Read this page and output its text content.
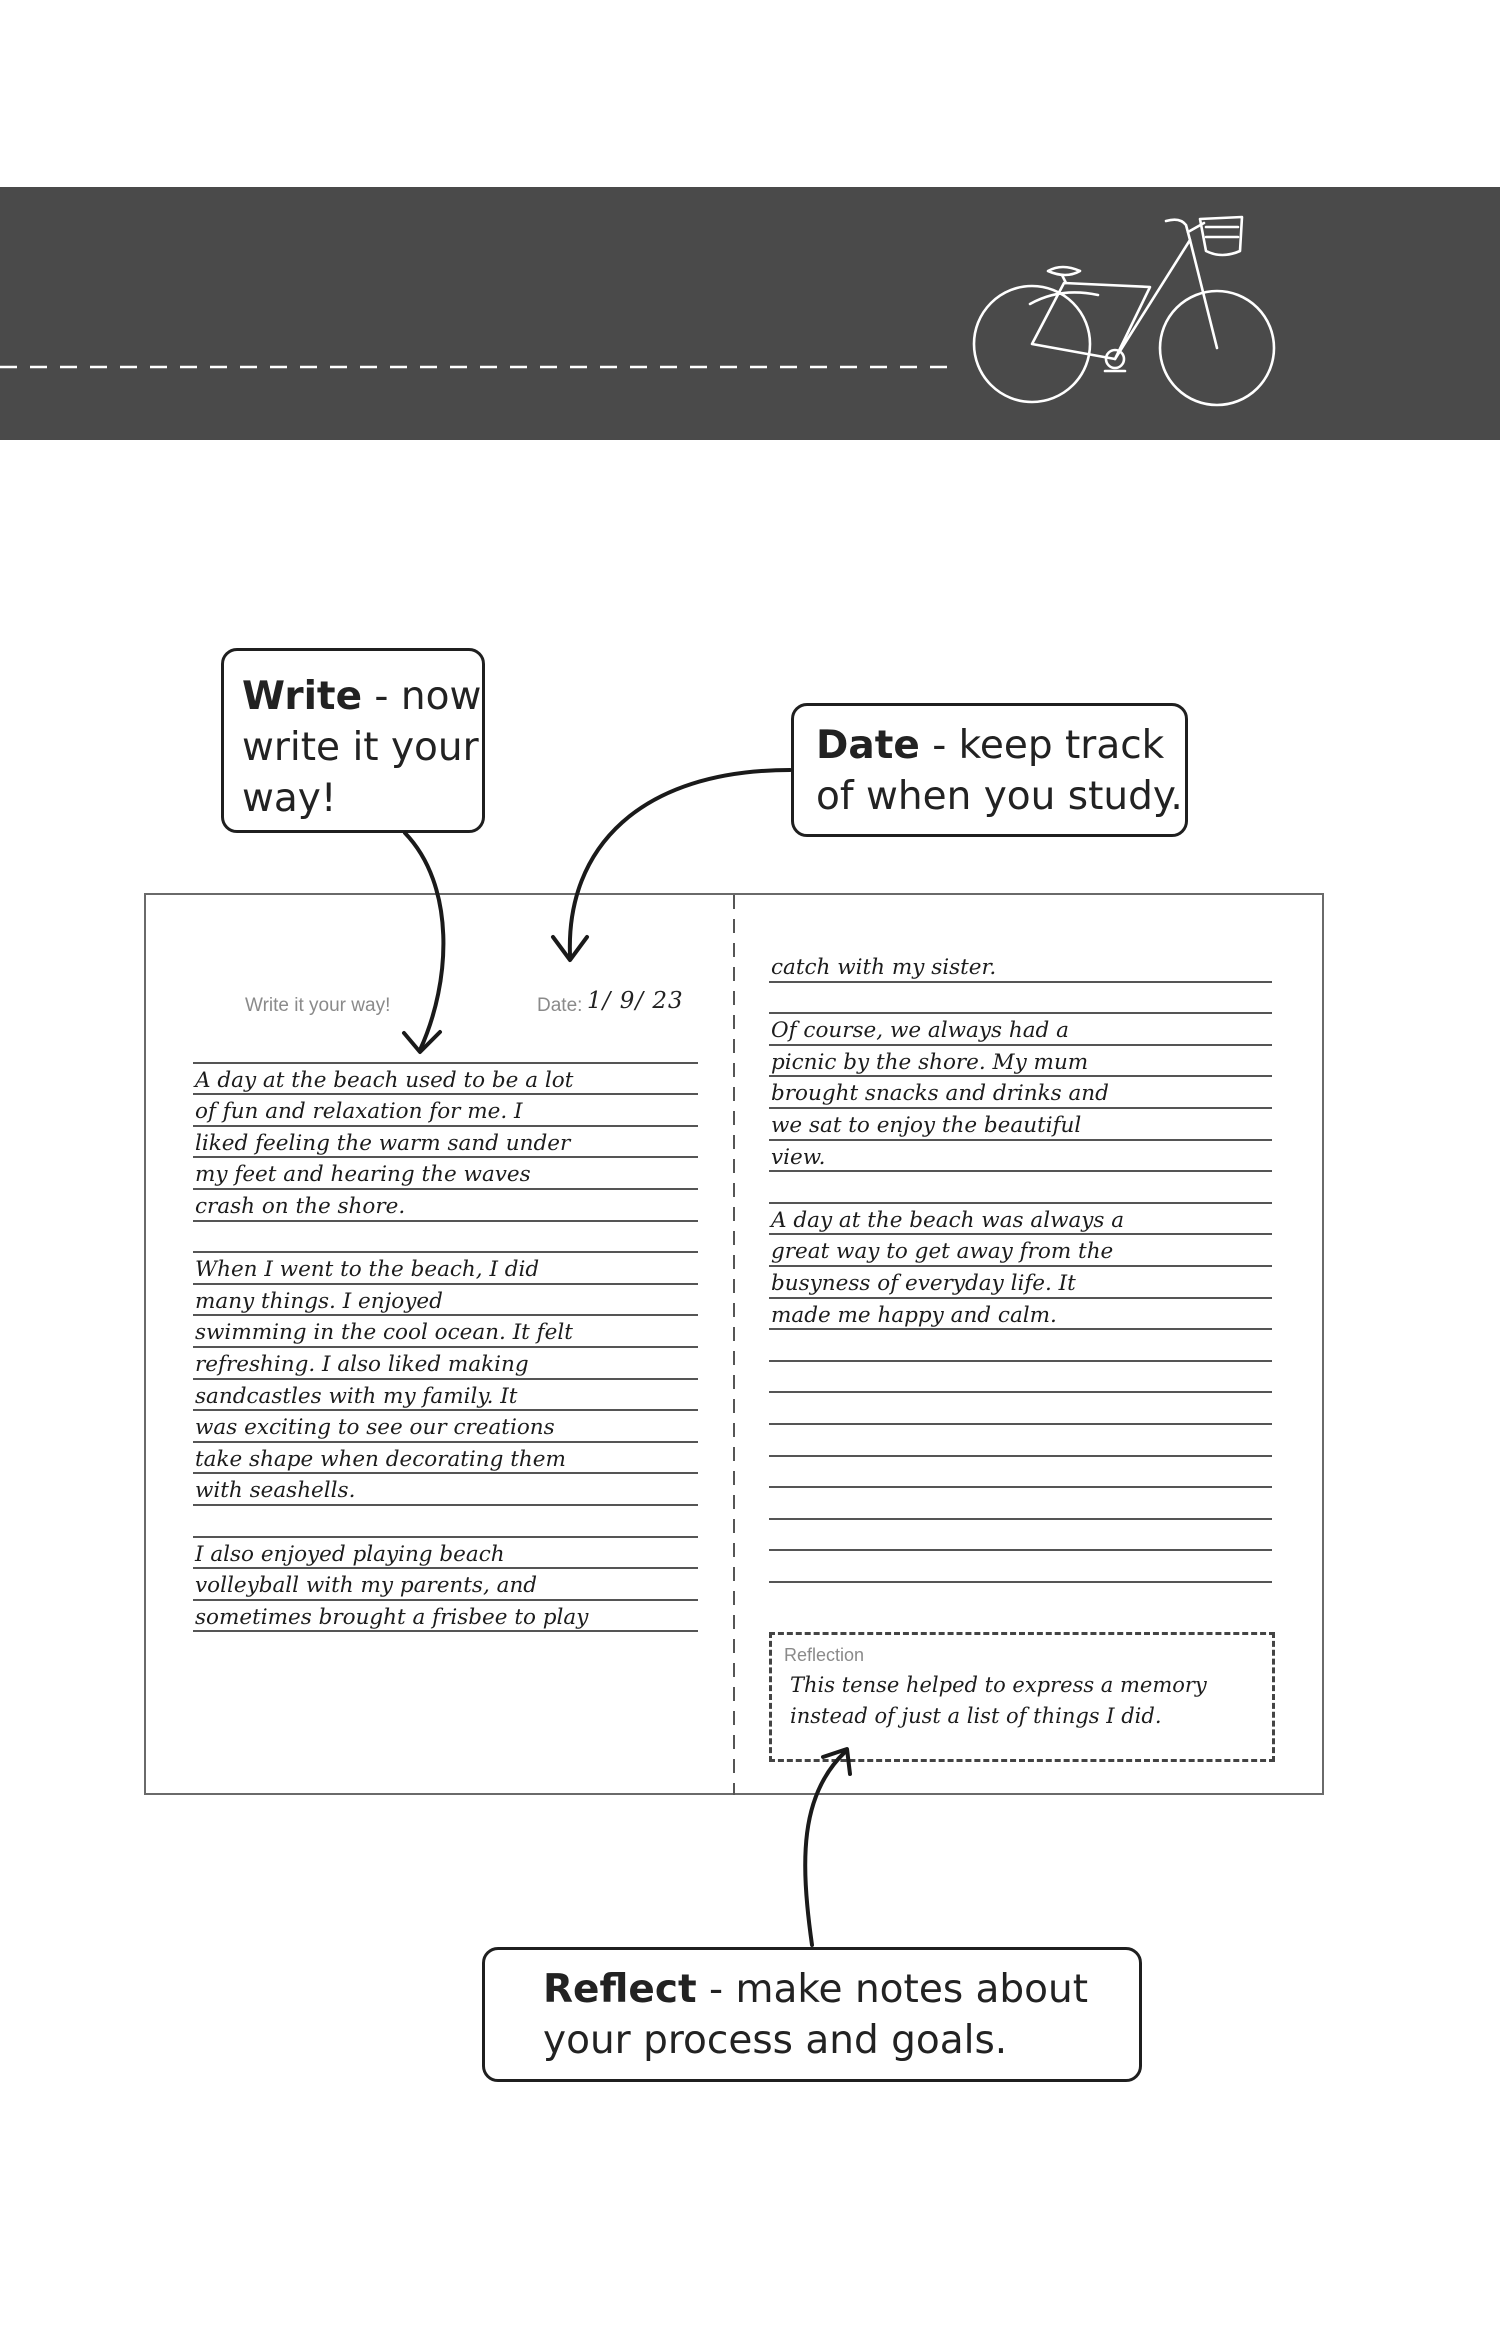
Write - now write it your way!
Date - keep track of when you study.
Write it your way!	Date: 1/ 9/ 23
A day at the beach used to be a lot
of fun and relaxation for me. I
liked feeling the warm sand under
my feet and hearing the waves
crash on the shore.
When I went to the beach, I did
many things. I enjoyed
swimming in the cool ocean. It felt
refreshing. I also liked making
sandcastles with my family. It
was exciting to see our creations
take shape when decorating them
with seashells.
I also enjoyed playing beach
volleyball with my parents, and
sometimes brought a frisbee to play
catch with my sister.
Of course, we always had a
picnic by the shore. My mum
brought snacks and drinks and
we sat to enjoy the beautiful
view.
A day at the beach was always a
great way to get away from the
busyness of everyday life. It
made me happy and calm.
Reflection
This tense helped to express a memory
instead of just a list of things I did.
Reflect - make notes about your process and goals.
